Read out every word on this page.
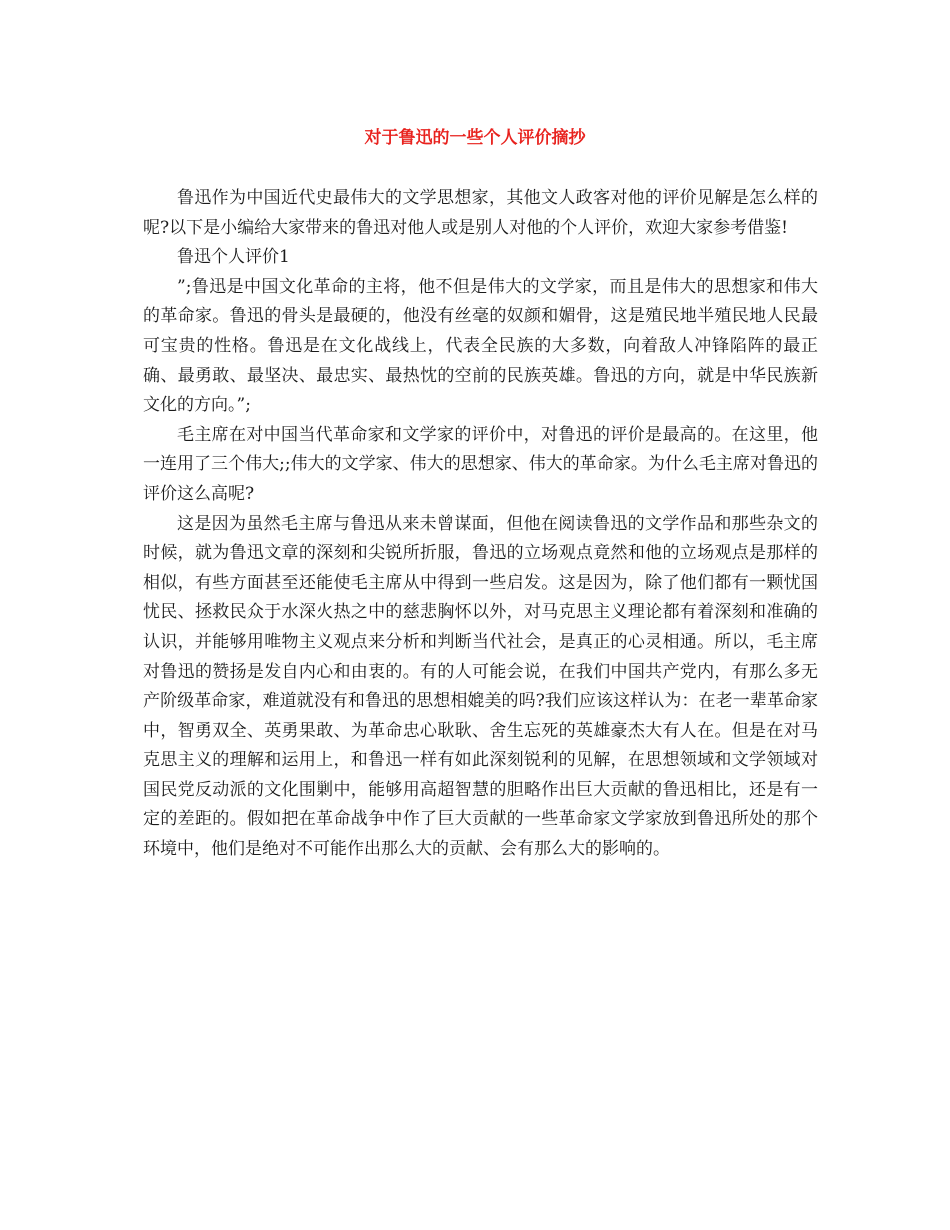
对于鲁迅的一些个人评价摘抄

鲁迅作为中国近代史最伟大的文学思想家，其他文人政客对他的评价见解是怎么样的呢?以下是小编给大家带来的鲁迅对他人或是别人对他的个人评价，欢迎大家参考借鉴!

鲁迅个人评价1

”;鲁迅是中国文化革命的主将，他不但是伟大的文学家，而且是伟大的思想家和伟大的革命家。鲁迅的骨头是最硬的，他没有丝毫的奴颜和媚骨，这是殖民地半殖民地人民最可宝贵的性格。鲁迅是在文化战线上，代表全民族的大多数，向着敌人冲锋陷阵的最正确、最勇敢、最坚决、最忠实、最热忱的空前的民族英雄。鲁迅的方向，就是中华民族新文化的方向。”;

毛主席在对中国当代革命家和文学家的评价中，对鲁迅的评价是最高的。在这里，他一连用了三个伟大;;伟大的文学家、伟大的思想家、伟大的革命家。为什么毛主席对鲁迅的评价这么高呢?

这是因为虽然毛主席与鲁迅从来未曾谋面，但他在阅读鲁迅的文学作品和那些杂文的时候，就为鲁迅文章的深刻和尖锐所折服，鲁迅的立场观点竟然和他的立场观点是那样的相似，有些方面甚至还能使毛主席从中得到一些启发。这是因为，除了他们都有一颗忧国忧民、拯救民众于水深火热之中的慈悲胸怀以外，对马克思主义理论都有着深刻和准确的认识，并能够用唯物主义观点来分析和判断当代社会，是真正的心灵相通。所以，毛主席对鲁迅的赞扬是发自内心和由衷的。有的人可能会说，在我们中国共产党内，有那么多无产阶级革命家，难道就没有和鲁迅的思想相媲美的吗?我们应该这样认为：在老一辈革命家中，智勇双全、英勇果敢、为革命忠心耿耿、舍生忘死的英雄豪杰大有人在。但是在对马克思主义的理解和运用上，和鲁迅一样有如此深刻锐利的见解，在思想领域和文学领域对国民党反动派的文化围剿中，能够用高超智慧的胆略作出巨大贡献的鲁迅相比，还是有一定的差距的。假如把在革命战争中作了巨大贡献的一些革命家文学家放到鲁迅所处的那个环境中，他们是绝对不可能作出那么大的贡献、会有那么大的影响的。
